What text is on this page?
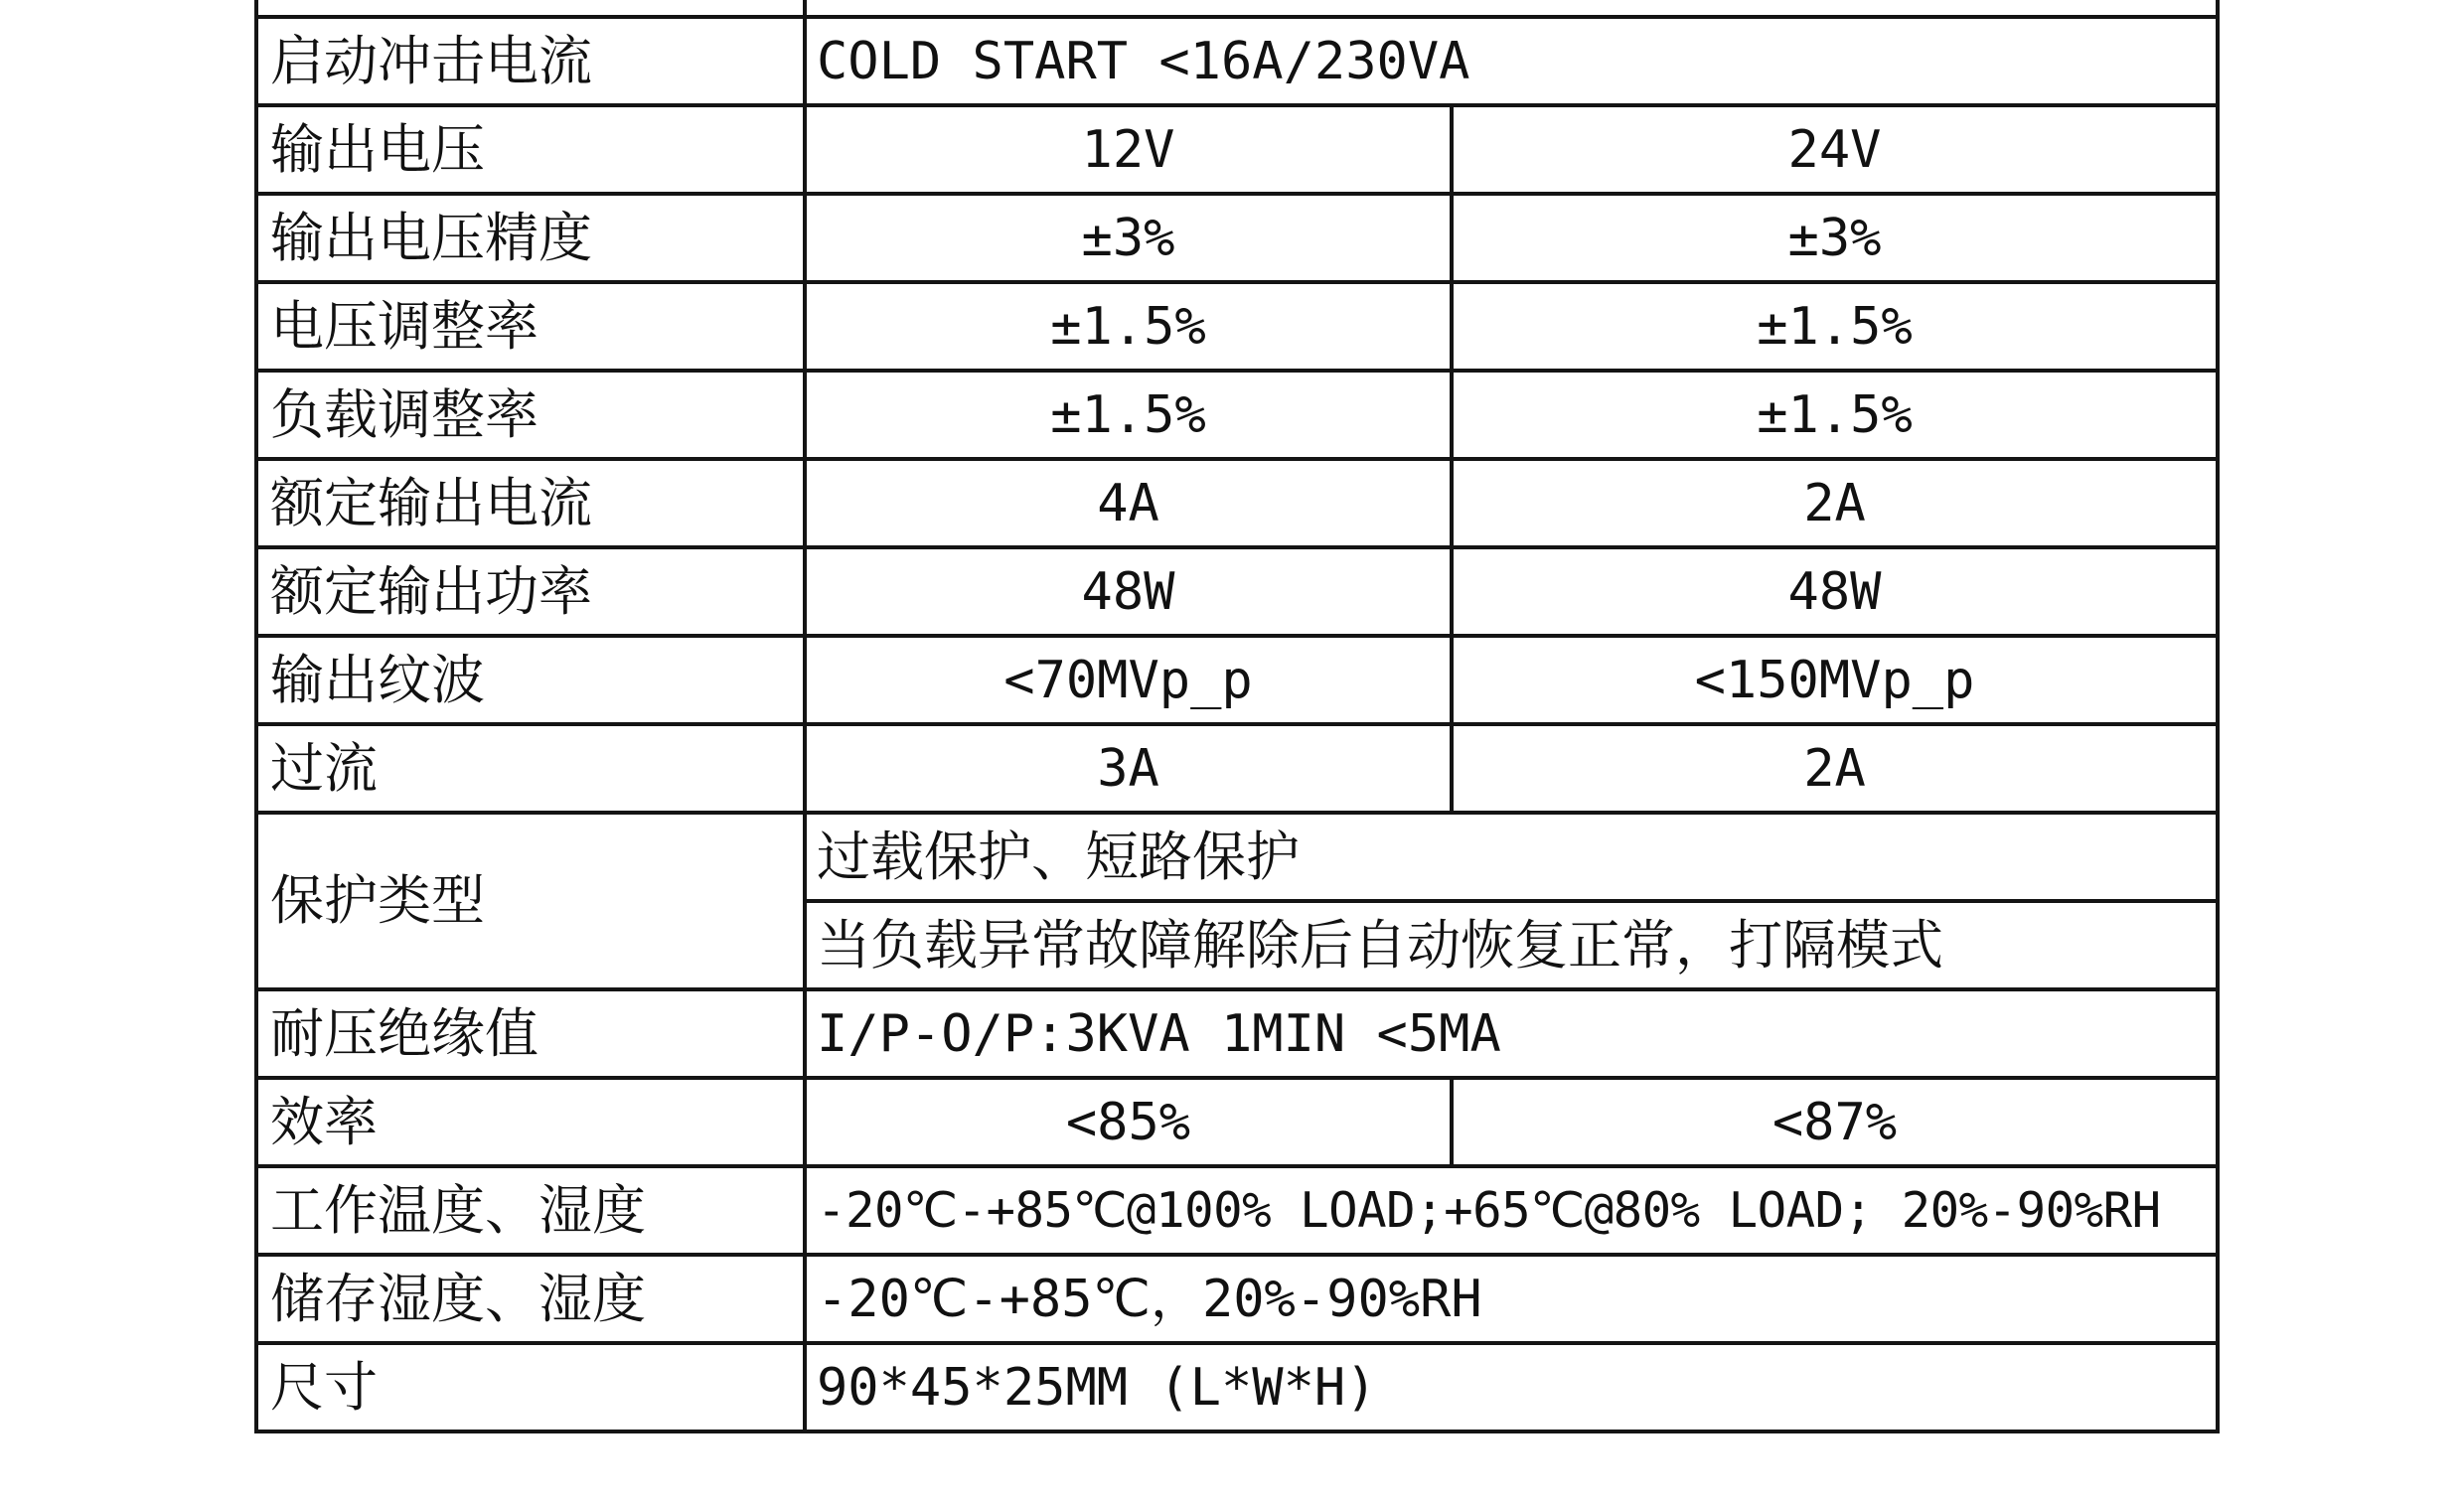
启动冲击电流	COLD START <16A/230VA	
输出电压	12V	24V
输出电压精度	±3%	±3%
电压调整率	±1.5%	±1.5%
负载调整率	±1.5%	±1.5%
额定输出电流	4A	2A
额定输出功率	48W	48W
输出纹波	<70MVp_p	<150MVp_p
过流	3A	2A
保护类型	过载保护、短路保护	
	当负载异常故障解除后自动恢复正常，打隔模式	
耐压绝缘值	I/P-O/P:3KVA 1MIN <5MA	
效率	<85%	<87%
工作温度、湿度	-20℃-+85℃@100% LOAD;+65℃@80% LOAD; 20%-90%RH	
储存湿度、湿度	-20℃-+85℃，20%-90%RH	
尺寸	90*45*25MM (L*W*H)	
